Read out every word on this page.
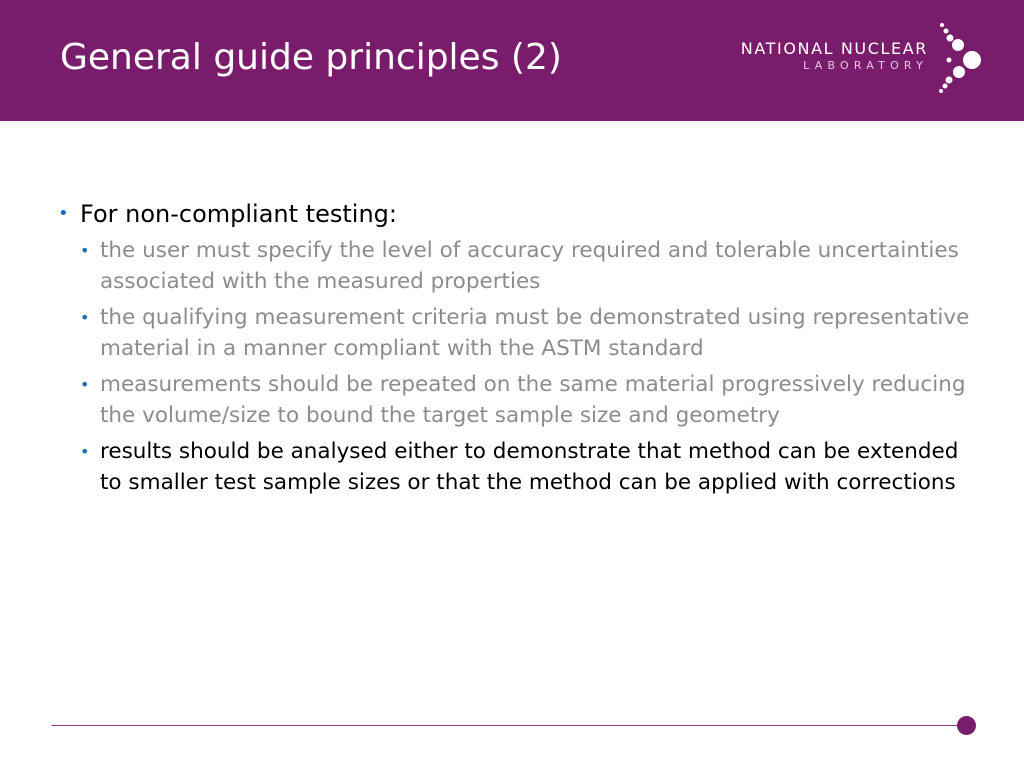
General guide principles (2)	NATIONAL NUCLEAR
LABORATORY
• For non-compliant testing:
• the user must specify the level of accuracy required and tolerable uncertainties associated with the measured properties
• the qualifying measurement criteria must be demonstrated using representative material in a manner compliant with the ASTM standard
• measurements should be repeated on the same material progressively reducing the volume/size to bound the target sample size and geometry
• results should be analysed either to demonstrate that method can be extended to smaller test sample sizes or that the method can be applied with corrections
